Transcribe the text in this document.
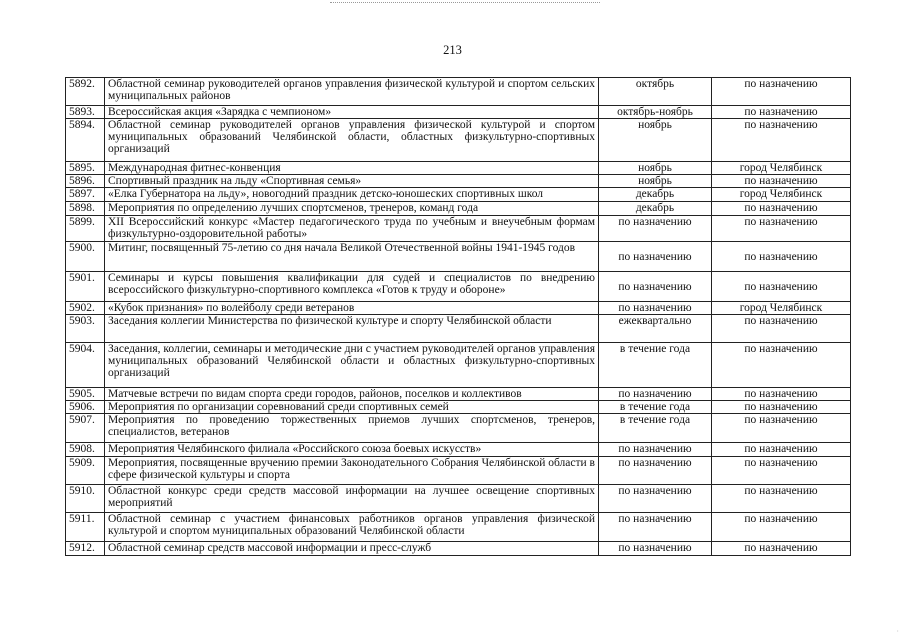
213
5892.	Областной семинар руководителей органов управления физической культурой и спортом сельских муниципальных районов	октябрь	по назначению
5893.	Всероссийская акция «Зарядка с чемпионом»	октябрь-ноябрь	по назначению
5894.	Областной семинар руководителей органов управления физической культурой и спортом муниципальных образований Челябинской области, областных физкультурно-спортивных организаций	ноябрь	по назначению
5895.	Международная фитнес-конвенция	ноябрь	город Челябинск
5896.	Спортивный праздник на льду «Спортивная семья»	ноябрь	по назначению
5897.	«Елка Губернатора на льду», новогодний праздник детско-юношеских спортивных школ	декабрь	город Челябинск
5898.	Мероприятия по определению лучших спортсменов, тренеров, команд года	декабрь	по назначению
5899.	XII Всероссийский конкурс «Мастер педагогического труда по учебным и внеучебным формам физкультурно-оздоровительной работы»	по назначению	по назначению
5900.	Митинг, посвященный 75-летию со дня начала Великой Отечественной войны 1941-1945 годов	по назначению	по назначению
5901.	Семинары и курсы повышения квалификации для судей и специалистов по внедрению всероссийского физкультурно-спортивного комплекса «Готов к труду и обороне»	по назначению	по назначению
5902.	«Кубок признания» по волейболу среди ветеранов	по назначению	город Челябинск
5903.	Заседания коллегии Министерства по физической культуре и спорту Челябинской области	ежеквартально	по назначению
5904.	Заседания, коллегии, семинары и методические дни с участием руководителей органов управления муниципальных образований Челябинской области и областных физкультурно-спортивных организаций	в течение года	по назначению
5905.	Матчевые встречи по видам спорта среди городов, районов, поселков и коллективов	по назначению	по назначению
5906.	Мероприятия по организации соревнований среди спортивных семей	в течение года	по назначению
5907.	Мероприятия по проведению торжественных приемов лучших спортсменов, тренеров, специалистов, ветеранов	в течение года	по назначению
5908.	Мероприятия Челябинского филиала «Российского союза боевых искусств»	по назначению	по назначению
5909.	Мероприятия, посвященные вручению премии Законодательного Собрания Челябинской области в сфере физической культуры и спорта	по назначению	по назначению
5910.	Областной конкурс среди средств массовой информации на лучшее освещение спортивных мероприятий	по назначению	по назначению
5911.	Областной семинар с участием финансовых работников органов управления физической культурой и спортом муниципальных образований Челябинской области	по назначению	по назначению
5912.	Областной семинар средств массовой информации и пресс-служб	по назначению	по назначению
·
